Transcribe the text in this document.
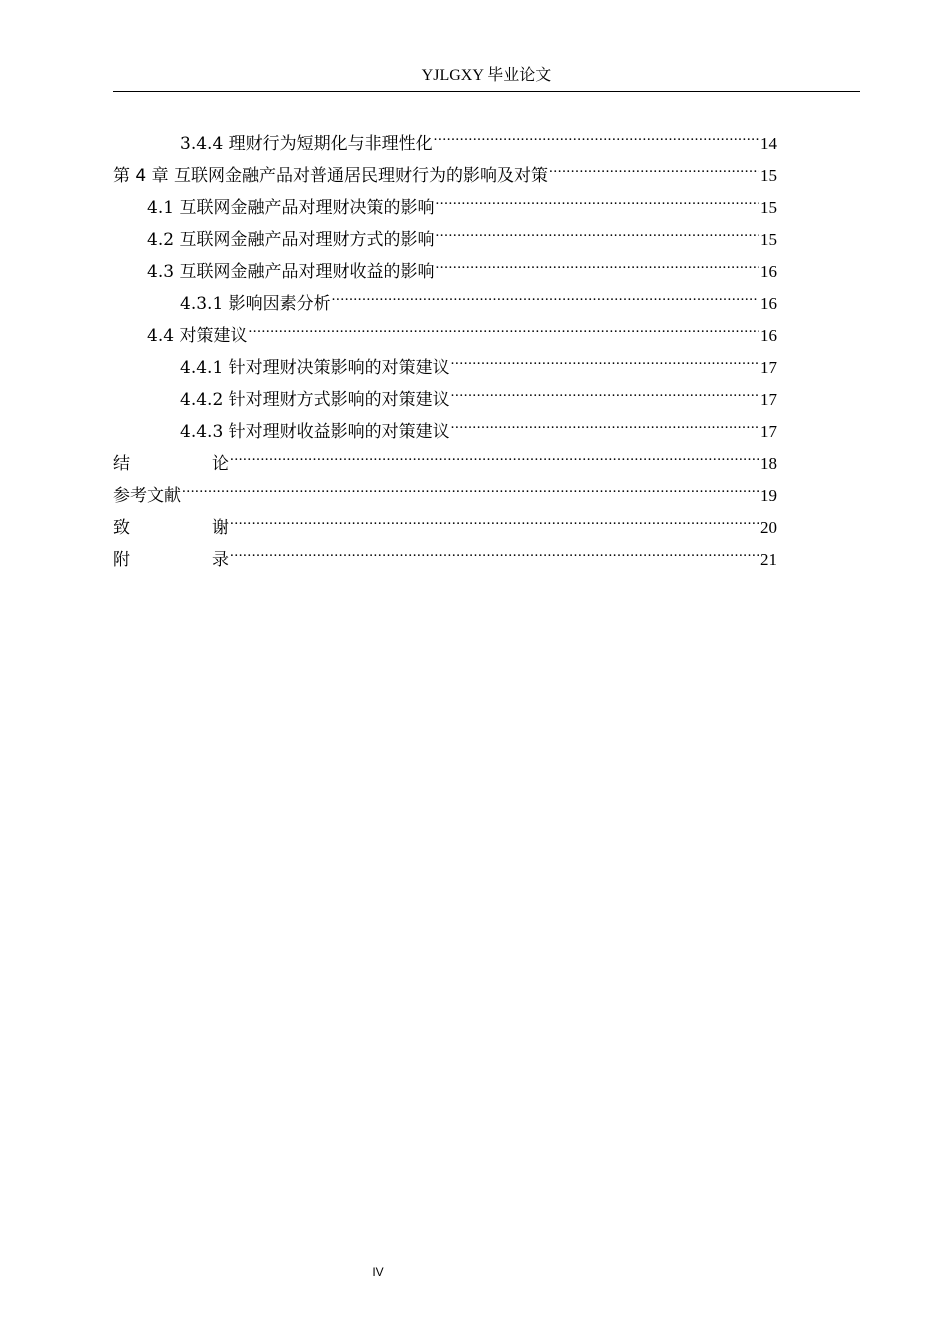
YJLGXY 毕业论文
3.4.4 理财行为短期化与非理性化 .....	14
第 4 章 互联网金融产品对普通居民理财行为的影响及对策 .....	15
4.1 互联网金融产品对理财决策的影响 .....	15
4.2 互联网金融产品对理财方式的影响 .....	15
4.3 互联网金融产品对理财收益的影响 .....	16
4.3.1 影响因素分析 .....	16
4.4 对策建议 .....	16
4.4.1 针对理财决策影响的对策建议 .....	17
4.4.2 针对理财方式影响的对策建议 .....	17
4.4.3 针对理财收益影响的对策建议 .....	17
结	论 .....	18
参考文献 .....	19
致	谢 .....	20
附	录 .....	21
IV
